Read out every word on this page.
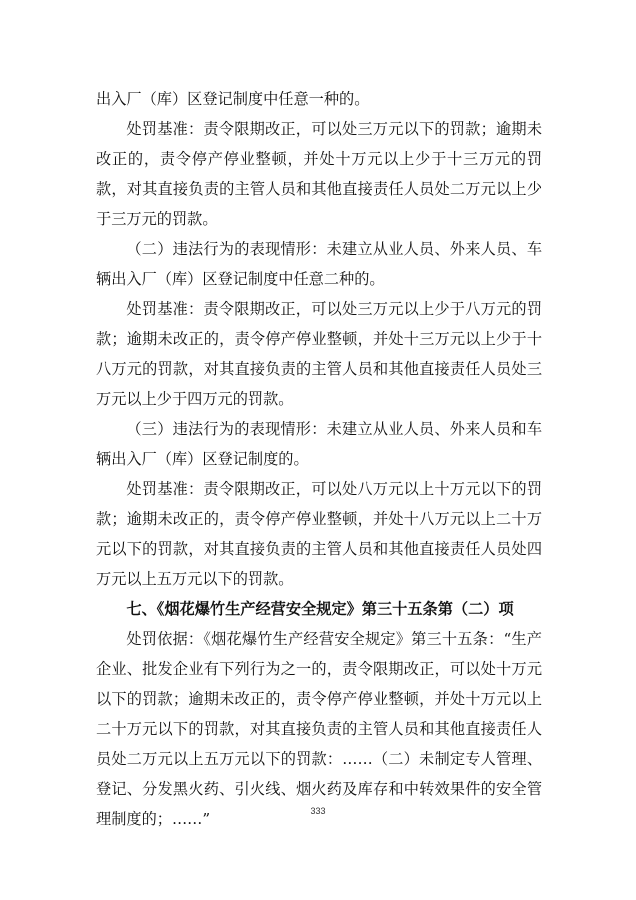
出入厂（库）区登记制度中任意一种的。

处罚基准：责令限期改正，可以处三万元以下的罚款；逾期未改正的，责令停产停业整顿，并处十万元以上少于十三万元的罚款，对其直接负责的主管人员和其他直接责任人员处二万元以上少于三万元的罚款。

（二）违法行为的表现情形：未建立从业人员、外来人员、车辆出入厂（库）区登记制度中任意二种的。

处罚基准：责令限期改正，可以处三万元以上少于八万元的罚款；逾期未改正的，责令停产停业整顿，并处十三万元以上少于十八万元的罚款，对其直接负责的主管人员和其他直接责任人员处三万元以上少于四万元的罚款。

（三）违法行为的表现情形：未建立从业人员、外来人员和车辆出入厂（库）区登记制度的。

处罚基准：责令限期改正，可以处八万元以上十万元以下的罚款；逾期未改正的，责令停产停业整顿，并处十八万元以上二十万元以下的罚款，对其直接负责的主管人员和其他直接责任人员处四万元以上五万元以下的罚款。

七、《烟花爆竹生产经营安全规定》第三十五条第（二）项

处罚依据：《烟花爆竹生产经营安全规定》第三十五条：“生产企业、批发企业有下列行为之一的，责令限期改正，可以处十万元以下的罚款；逾期未改正的，责令停产停业整顿，并处十万元以上二十万元以下的罚款，对其直接负责的主管人员和其他直接责任人员处二万元以上五万元以下的罚款：……（二）未制定专人管理、登记、分发黑火药、引火线、烟火药及库存和中转效果件的安全管理制度的；……”	333
